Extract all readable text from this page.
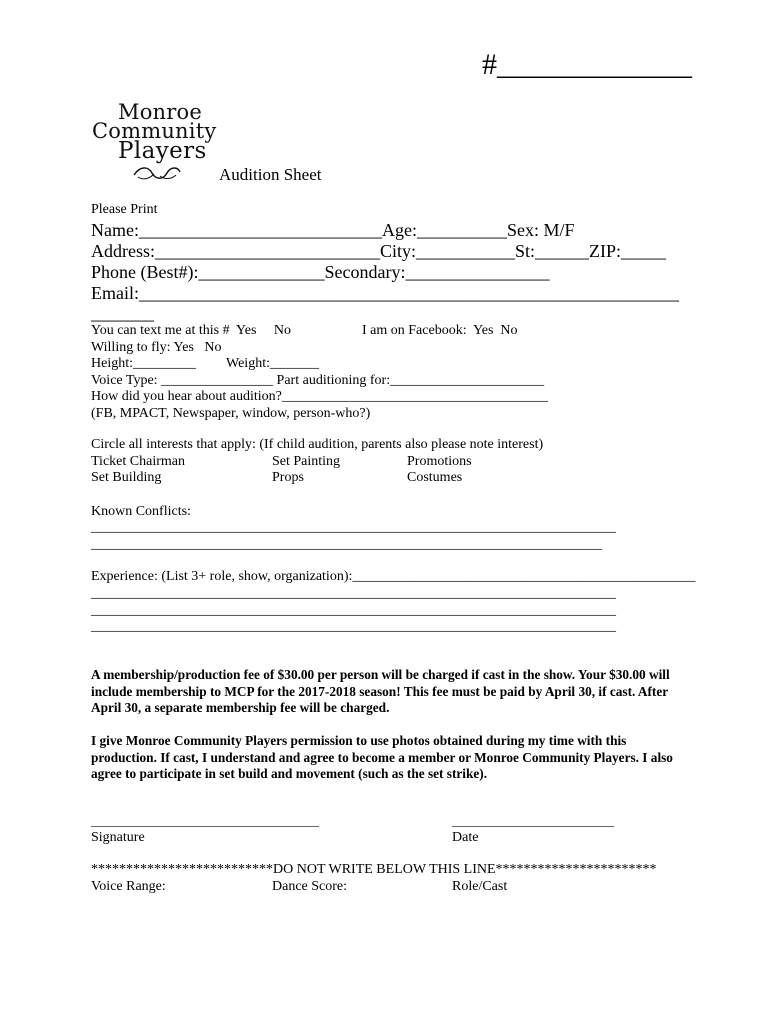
#_____________
Monroe
Community
Players
Audition Sheet
Please Print
Name:___________________________Age:__________Sex: M/F
Address:_________________________City:___________St:______ZIP:_____
Phone (Best#):______________Secondary:________________
Email:____________________________________________________________
_______
You can text me at this #  Yes     No	I am on Facebook:  Yes  No
Willing to fly: Yes   No
Height:_________ Weight:_______
Voice Type: ________________ Part auditioning for:______________________
How did you hear about audition?______________________________________
(FB, MPACT, Newspaper, window, person-who?)
Circle all interests that apply: (If child audition, parents also please note interest)
Ticket Chairman	Set Painting	Promotions
Set Building	Props	Costumes
Known Conflicts:
___________________________________________________________________________
_________________________________________________________________________
Experience: (List 3+ role, show, organization):_________________________________________________
___________________________________________________________________________
___________________________________________________________________________
___________________________________________________________________________
A membership/production fee of $30.00 per person will be charged if cast in the show. Your $30.00 will include membership to MCP for the 2017-2018 season! This fee must be paid by April 30, if cast. After April 30, a separate membership fee will be charged.
I give Monroe Community Players permission to use photos obtained during my time with this production. If cast, I understand and agree to become a member or Monroe Community Players. I also agree to participate in set build and movement (such as the set strike).
______________________________________
Signature
___________________________
Date
**************************DO NOT WRITE BELOW THIS LINE***********************
Voice Range:	Dance Score:	Role/Cast
